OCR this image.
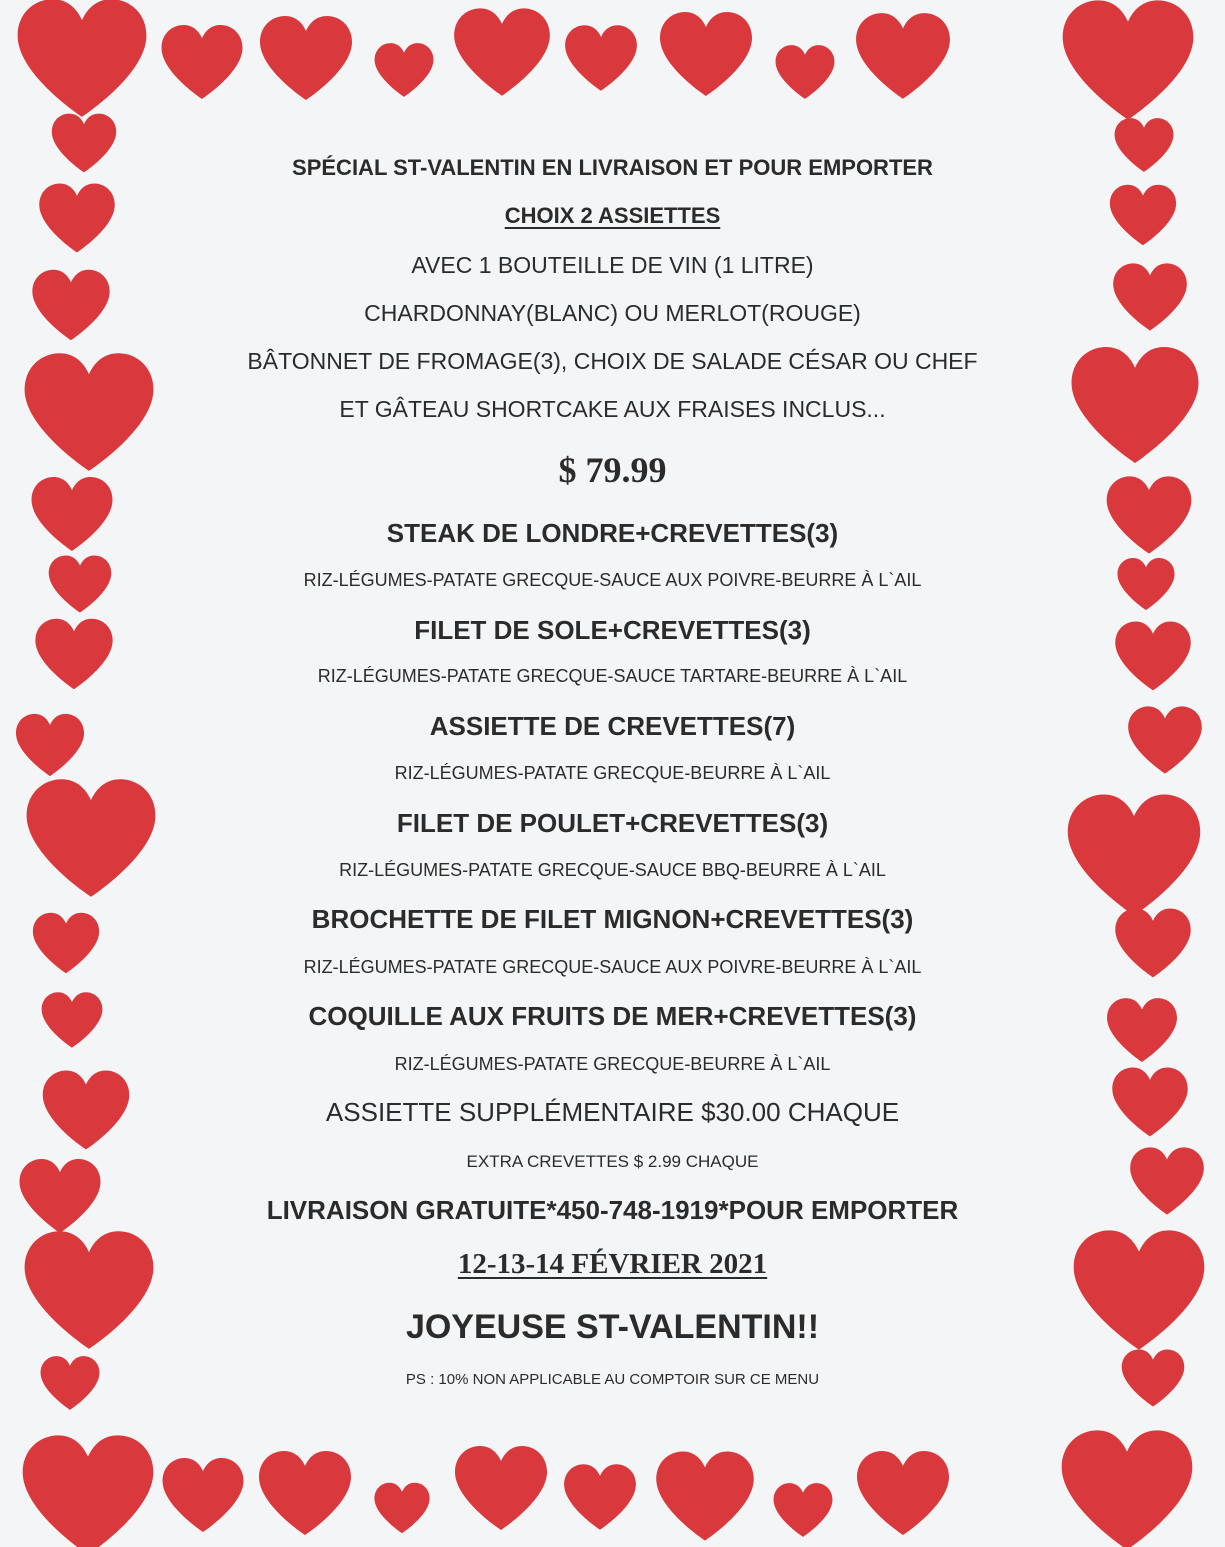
SPÉCIAL ST-VALENTIN EN LIVRAISON ET POUR EMPORTER
CHOIX 2 ASSIETTES
AVEC 1 BOUTEILLE DE VIN (1 LITRE)
CHARDONNAY(BLANC) OU MERLOT(ROUGE)
BÂTONNET DE FROMAGE(3), CHOIX DE SALADE CÉSAR OU CHEF
ET GÂTEAU SHORTCAKE AUX FRAISES INCLUS...
$ 79.99
STEAK DE LONDRE+CREVETTES(3)
RIZ-LÉGUMES-PATATE GRECQUE-SAUCE AUX POIVRE-BEURRE À L`AIL
FILET DE SOLE+CREVETTES(3)
RIZ-LÉGUMES-PATATE GRECQUE-SAUCE TARTARE-BEURRE À L`AIL
ASSIETTE DE CREVETTES(7)
RIZ-LÉGUMES-PATATE GRECQUE-BEURRE À L`AIL
FILET DE POULET+CREVETTES(3)
RIZ-LÉGUMES-PATATE GRECQUE-SAUCE BBQ-BEURRE À L`AIL
BROCHETTE DE FILET MIGNON+CREVETTES(3)
RIZ-LÉGUMES-PATATE GRECQUE-SAUCE AUX POIVRE-BEURRE À L`AIL
COQUILLE AUX FRUITS DE MER+CREVETTES(3)
RIZ-LÉGUMES-PATATE GRECQUE-BEURRE À L`AIL
ASSIETTE SUPPLÉMENTAIRE $30.00 CHAQUE
EXTRA CREVETTES $ 2.99 CHAQUE
LIVRAISON GRATUITE*450-748-1919*POUR EMPORTER
12-13-14 FÉVRIER 2021
JOYEUSE ST-VALENTIN!!
PS : 10% NON APPLICABLE AU COMPTOIR SUR CE MENU
